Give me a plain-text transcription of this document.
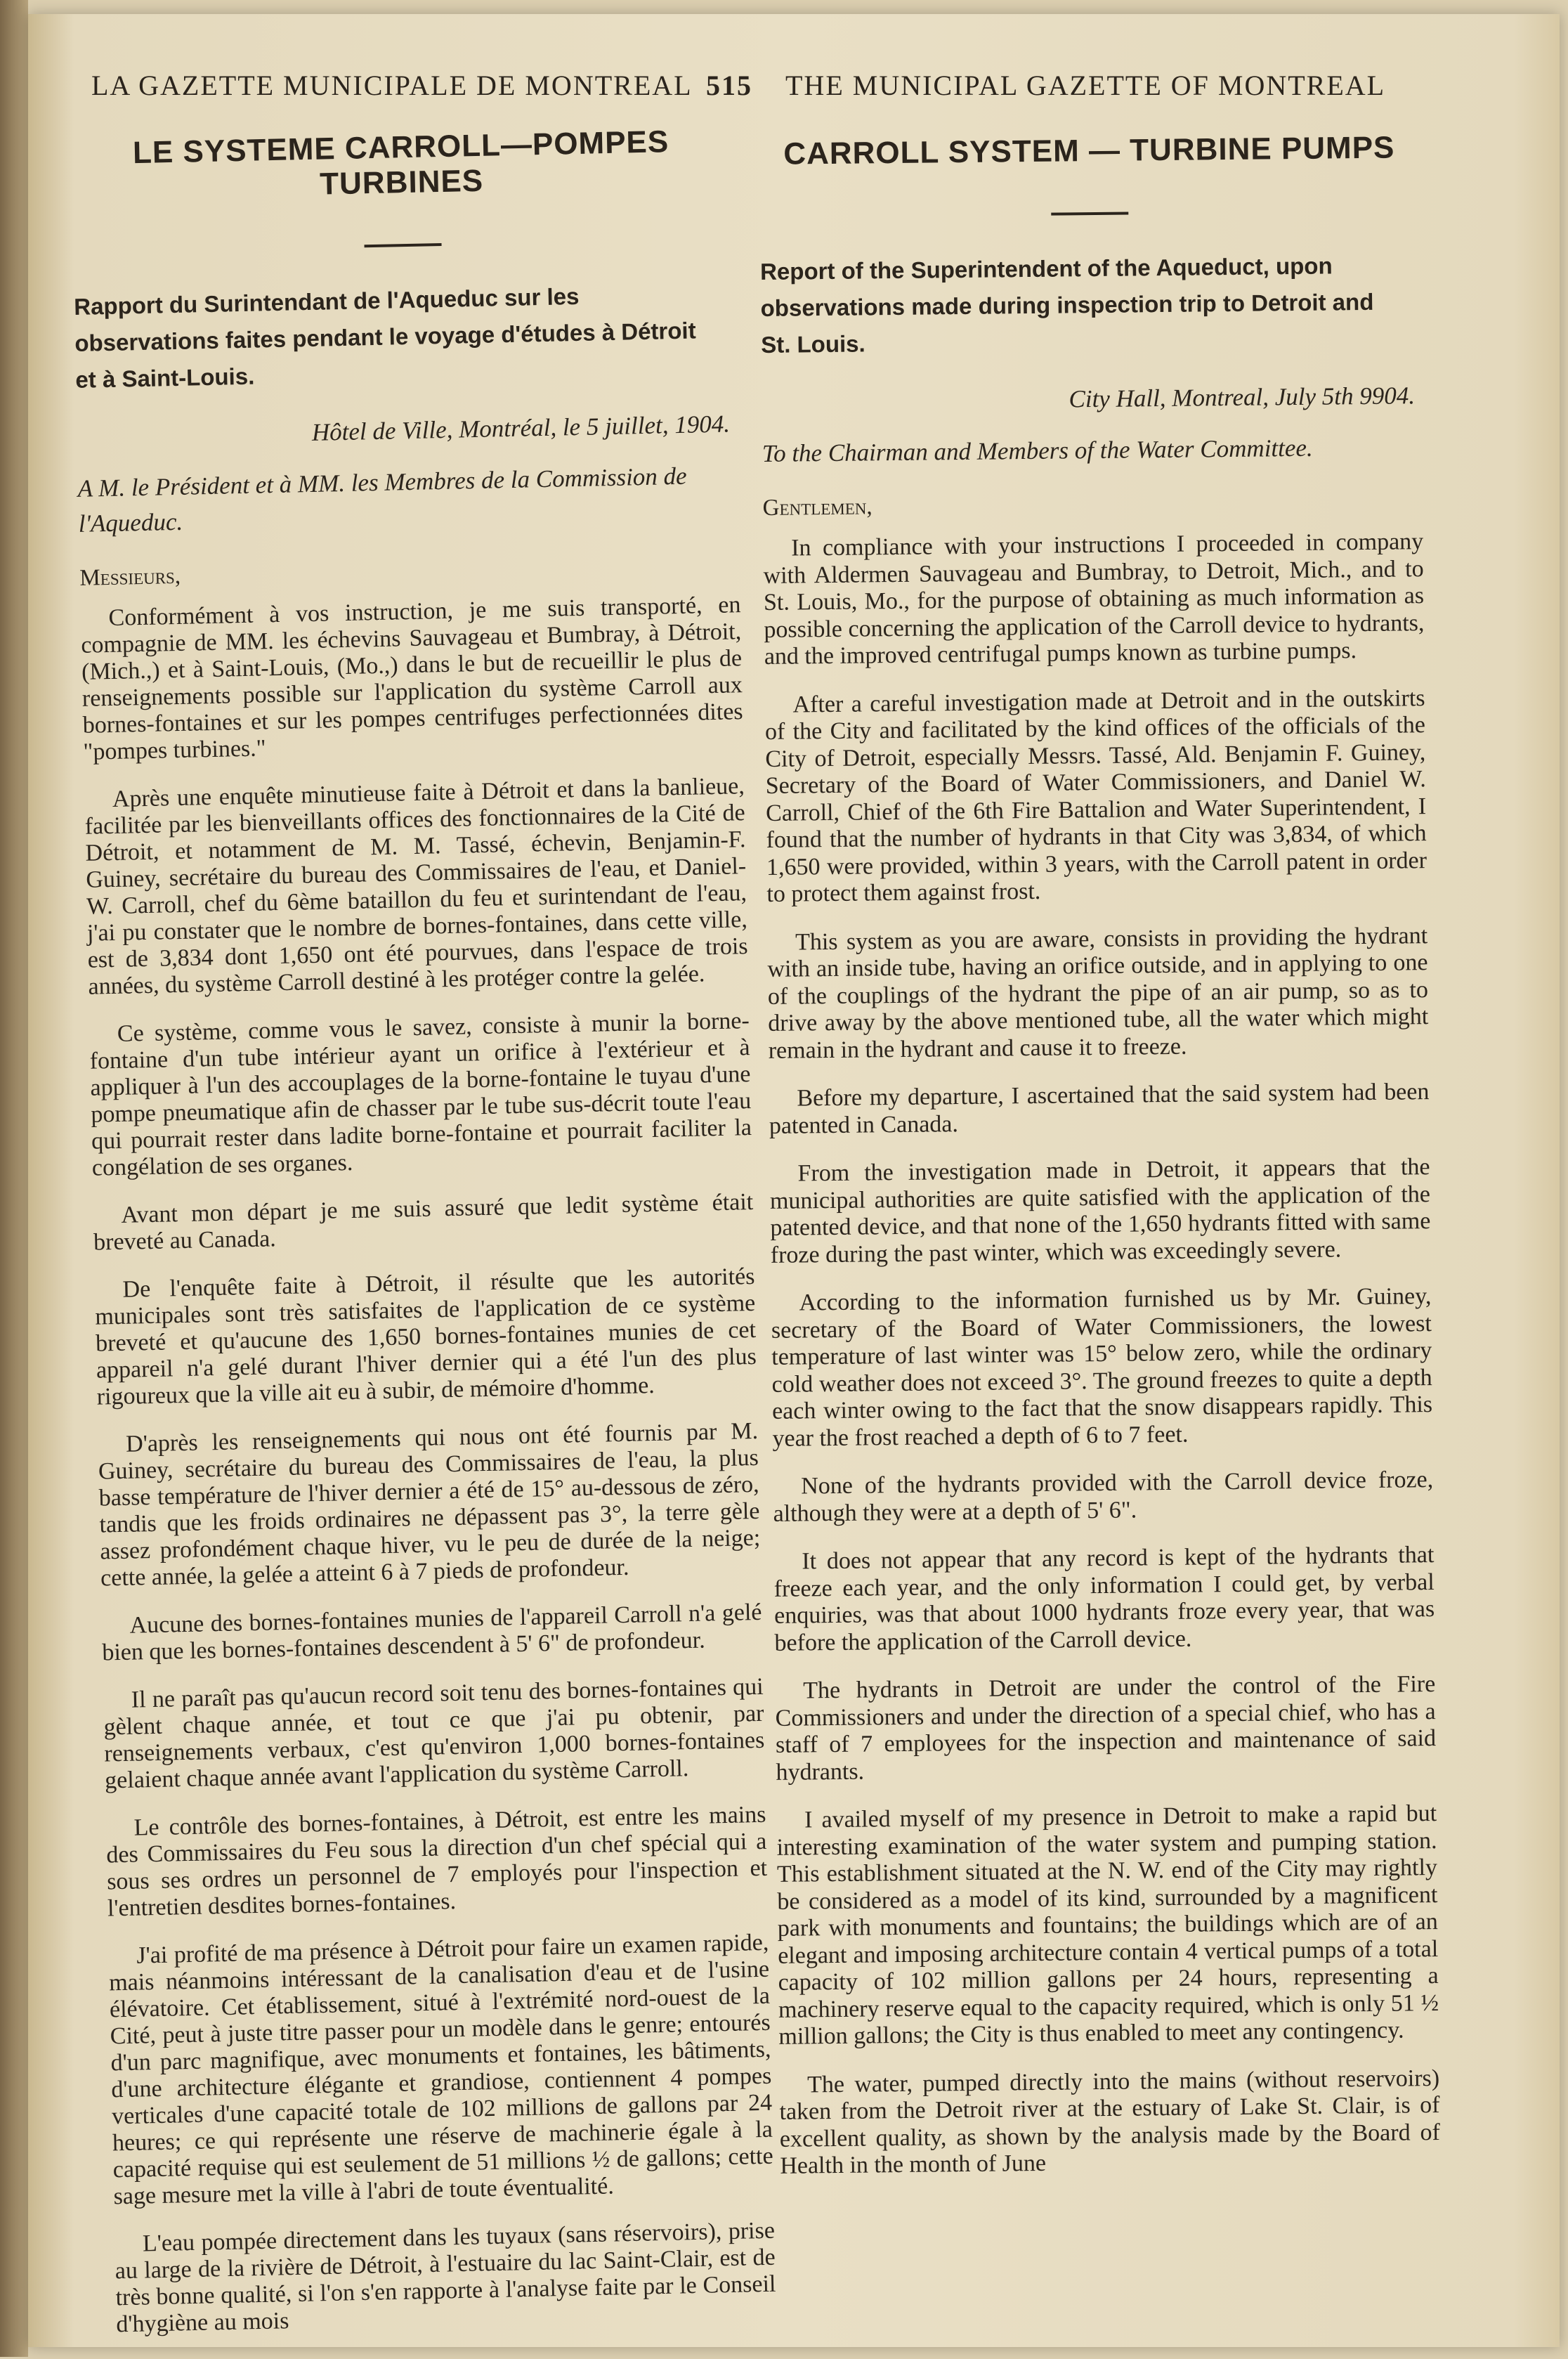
LA GAZETTE MUNICIPALE DE MONTREAL 515 THE MUNICIPAL GAZETTE OF MONTREAL
LE SYSTEME CARROLL—POMPES TURBINES

Rapport du Surintendant de l'Aqueduc sur les observations faites pendant le voyage d'études à Détroit et à Saint-Louis.

Hôtel de Ville, Montréal, le 5 juillet, 1904.

A M. le Président et à MM. les Membres de la Commission de l'Aqueduc.

Messieurs,

Conformément à vos instruction, je me suis transporté, en compagnie de MM. les échevins Sauvageau et Bumbray, à Détroit, (Mich.,) et à Saint-Louis, (Mo.,) dans le but de recueillir le plus de renseignements possible sur l'application du système Carroll aux bornes-fontaines et sur les pompes centrifuges perfectionnées dites "pompes turbines."

Après une enquête minutieuse faite à Détroit et dans la banlieue, facilitée par les bienveillants offices des fonctionnaires de la Cité de Détroit, et notamment de M. M. Tassé, échevin, Benjamin-F. Guiney, secrétaire du bureau des Commissaires de l'eau, et Daniel-W. Carroll, chef du 6ème bataillon du feu et surintendant de l'eau, j'ai pu constater que le nombre de bornes-fontaines, dans cette ville, est de 3,834 dont 1,650 ont été pourvues, dans l'espace de trois années, du système Carroll destiné à les protéger contre la gelée.

Ce système, comme vous le savez, consiste à munir la borne-fontaine d'un tube intérieur ayant un orifice à l'extérieur et à appliquer à l'un des accouplages de la borne-fontaine le tuyau d'une pompe pneumatique afin de chasser par le tube sus-décrit toute l'eau qui pourrait rester dans ladite borne-fontaine et pourrait faciliter la congélation de ses organes.

Avant mon départ je me suis assuré que ledit système était breveté au Canada.

De l'enquête faite à Détroit, il résulte que les autorités municipales sont très satisfaites de l'application de ce système breveté et qu'aucune des 1,650 bornes-fontaines munies de cet appareil n'a gelé durant l'hiver dernier qui a été l'un des plus rigoureux que la ville ait eu à subir, de mémoire d'homme.

D'après les renseignements qui nous ont été fournis par M. Guiney, secrétaire du bureau des Commissaires de l'eau, la plus basse température de l'hiver dernier a été de 15° au-dessous de zéro, tandis que les froids ordinaires ne dépassent pas 3°, la terre gèle assez profondément chaque hiver, vu le peu de durée de la neige; cette année, la gelée a atteint 6 à 7 pieds de profondeur.

Aucune des bornes-fontaines munies de l'appareil Carroll n'a gelé bien que les bornes-fontaines descendent à 5' 6" de profondeur.

Il ne paraît pas qu'aucun record soit tenu des bornes-fontaines qui gèlent chaque année, et tout ce que j'ai pu obtenir, par renseignements verbaux, c'est qu'environ 1,000 bornes-fontaines gelaient chaque année avant l'application du système Carroll.

Le contrôle des bornes-fontaines, à Détroit, est entre les mains des Commissaires du Feu sous la direction d'un chef spécial qui a sous ses ordres un personnel de 7 employés pour l'inspection et l'entretien desdites bornes-fontaines.

J'ai profité de ma présence à Détroit pour faire un examen rapide, mais néanmoins intéressant de la canalisation d'eau et de l'usine élévatoire. Cet établissement, situé à l'extrémité nord-ouest de la Cité, peut à juste titre passer pour un modèle dans le genre; entourés d'un parc magnifique, avec monuments et fontaines, les bâtiments, d'une architecture élégante et grandiose, contiennent 4 pompes verticales d'une capacité totale de 102 millions de gallons par 24 heures; ce qui représente une réserve de machinerie égale à la capacité requise qui est seulement de 51 millions ½ de gallons; cette sage mesure met la ville à l'abri de toute éventualité.

L'eau pompée directement dans les tuyaux (sans réservoirs), prise au large de la rivière de Détroit, à l'estuaire du lac Saint-Clair, est de très bonne qualité, si l'on s'en rapporte à l'analyse faite par le Conseil d'hygiène au mois

CARROLL SYSTEM — TURBINE PUMPS

Report of the Superintendent of the Aqueduct, upon observations made during inspection trip to Detroit and St. Louis.

City Hall, Montreal, July 5th 9904.

To the Chairman and Members of the Water Committee.

Gentlemen,

In compliance with your instructions I proceeded in company with Aldermen Sauvageau and Bumbray, to Detroit, Mich., and to St. Louis, Mo., for the purpose of obtaining as much information as possible concerning the application of the Carroll device to hydrants, and the improved centrifugal pumps known as turbine pumps.

After a careful investigation made at Detroit and in the outskirts of the City and facilitated by the kind offices of the officials of the City of Detroit, especially Messrs. Tassé, Ald. Benjamin F. Guiney, Secretary of the Board of Water Commissioners, and Daniel W. Carroll, Chief of the 6th Fire Battalion and Water Superintendent, I found that the number of hydrants in that City was 3,834, of which 1,650 were provided, within 3 years, with the Carroll patent in order to protect them against frost.

This system as you are aware, consists in providing the hydrant with an inside tube, having an orifice outside, and in applying to one of the couplings of the hydrant the pipe of an air pump, so as to drive away by the above mentioned tube, all the water which might remain in the hydrant and cause it to freeze.

Before my departure, I ascertained that the said system had been patented in Canada.

From the investigation made in Detroit, it appears that the municipal authorities are quite satisfied with the application of the patented device, and that none of the 1,650 hydrants fitted with same froze during the past winter, which was exceedingly severe.

According to the information furnished us by Mr. Guiney, secretary of the Board of Water Commissioners, the lowest temperature of last winter was 15° below zero, while the ordinary cold weather does not exceed 3°. The ground freezes to quite a depth each winter owing to the fact that the snow disappears rapidly. This year the frost reached a depth of 6 to 7 feet.

None of the hydrants provided with the Carroll device froze, although they were at a depth of 5' 6".

It does not appear that any record is kept of the hydrants that freeze each year, and the only information I could get, by verbal enquiries, was that about 1000 hydrants froze every year, that was before the application of the Carroll device.

The hydrants in Detroit are under the control of the Fire Commissioners and under the direction of a special chief, who has a staff of 7 employees for the inspection and maintenance of said hydrants.

I availed myself of my presence in Detroit to make a rapid but interesting examination of the water system and pumping station. This establishment situated at the N. W. end of the City may rightly be considered as a model of its kind, surrounded by a magnificent park with monuments and fountains; the buildings which are of an elegant and imposing architecture contain 4 vertical pumps of a total capacity of 102 million gallons per 24 hours, representing a machinery reserve equal to the capacity required, which is only 51 ½ million gallons; the City is thus enabled to meet any contingency.

The water, pumped directly into the mains (without reservoirs) taken from the Detroit river at the estuary of Lake St. Clair, is of excellent quality, as shown by the analysis made by the Board of Health in the month of June
